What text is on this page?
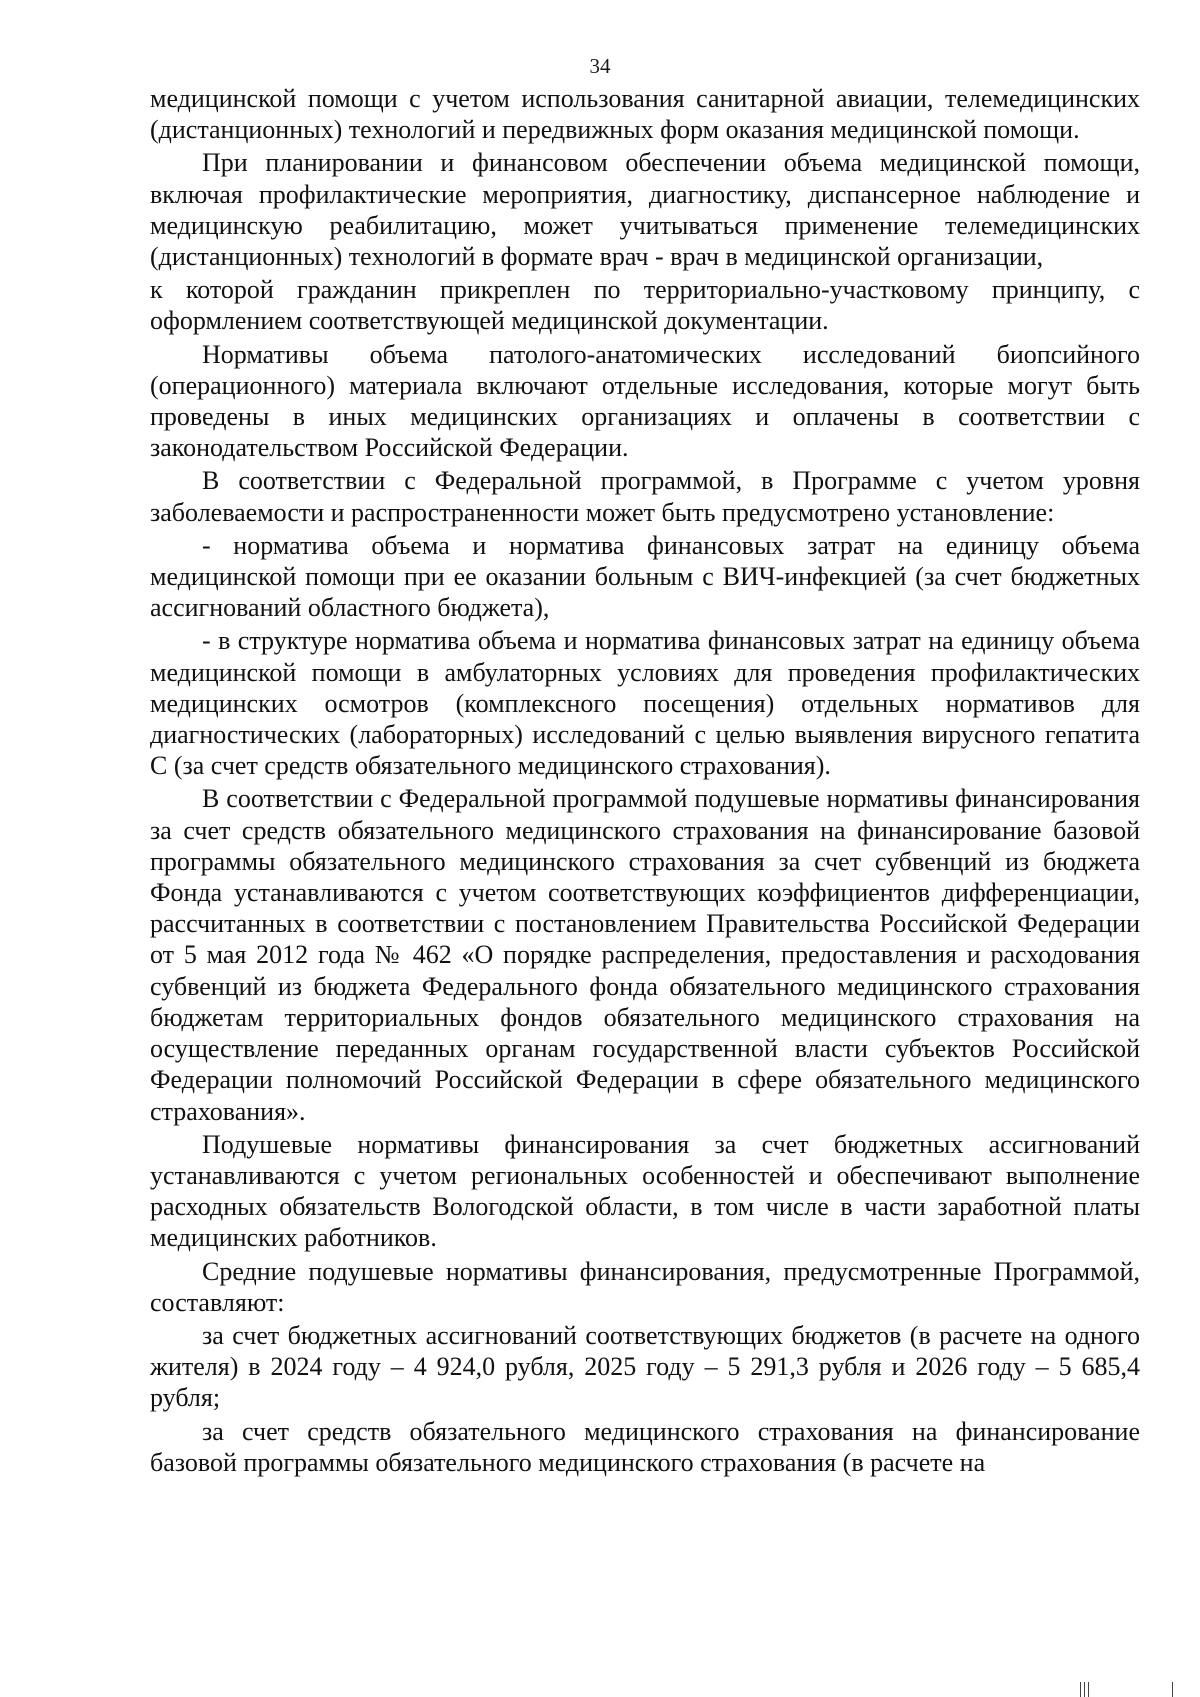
34

медицинской помощи с учетом использования санитарной авиации, телемедицинских (дистанционных) технологий и передвижных форм оказания медицинской помощи.

При планировании и финансовом обеспечении объема медицинской помощи, включая профилактические мероприятия, диагностику, диспансерное наблюдение и медицинскую реабилитацию, может учитываться применение телемедицинских (дистанционных) технологий в формате врач - врач в медицинской организации,

к которой гражданин прикреплен по территориально-участковому принципу, с оформлением соответствующей медицинской документации.

Нормативы объема патолого-анатомических исследований биопсийного (операционного) материала включают отдельные исследования, которые могут быть проведены в иных медицинских организациях и оплачены в соответствии с законодательством Российской Федерации.

В соответствии с Федеральной программой, в Программе с учетом уровня заболеваемости и распространенности может быть предусмотрено установление:

- норматива объема и норматива финансовых затрат на единицу объема медицинской помощи при ее оказании больным с ВИЧ-инфекцией (за счет бюджетных ассигнований областного бюджета),

- в структуре норматива объема и норматива финансовых затрат на единицу объема медицинской помощи в амбулаторных условиях для проведения профилактических медицинских осмотров (комплексного посещения) отдельных нормативов для диагностических (лабораторных) исследований с целью выявления вирусного гепатита С (за счет средств обязательного медицинского страхования).

В соответствии с Федеральной программой подушевые нормативы финансирования за счет средств обязательного медицинского страхования на финансирование базовой программы обязательного медицинского страхования за счет субвенций из бюджета Фонда устанавливаются с учетом соответствующих коэффициентов дифференциации, рассчитанных в соответствии с постановлением Правительства Российской Федерации от 5 мая 2012 года № 462 «О порядке распределения, предоставления и расходования субвенций из бюджета Федерального фонда обязательного медицинского страхования бюджетам территориальных фондов обязательного медицинского страхования на осуществление переданных органам государственной власти субъектов Российской Федерации полномочий Российской Федерации в сфере обязательного медицинского страхования».

Подушевые нормативы финансирования за счет бюджетных ассигнований устанавливаются с учетом региональных особенностей и обеспечивают выполнение расходных обязательств Вологодской области, в том числе в части заработной платы медицинских работников.

Средние подушевые нормативы финансирования, предусмотренные Программой, составляют:

за счет бюджетных ассигнований соответствующих бюджетов (в расчете на одного жителя) в 2024 году – 4 924,0 рубля, 2025 году – 5 291,3 рубля и 2026 году – 5 685,4 рубля;

за счет средств обязательного медицинского страхования на финансирование базовой программы обязательного медицинского страхования (в расчете на
